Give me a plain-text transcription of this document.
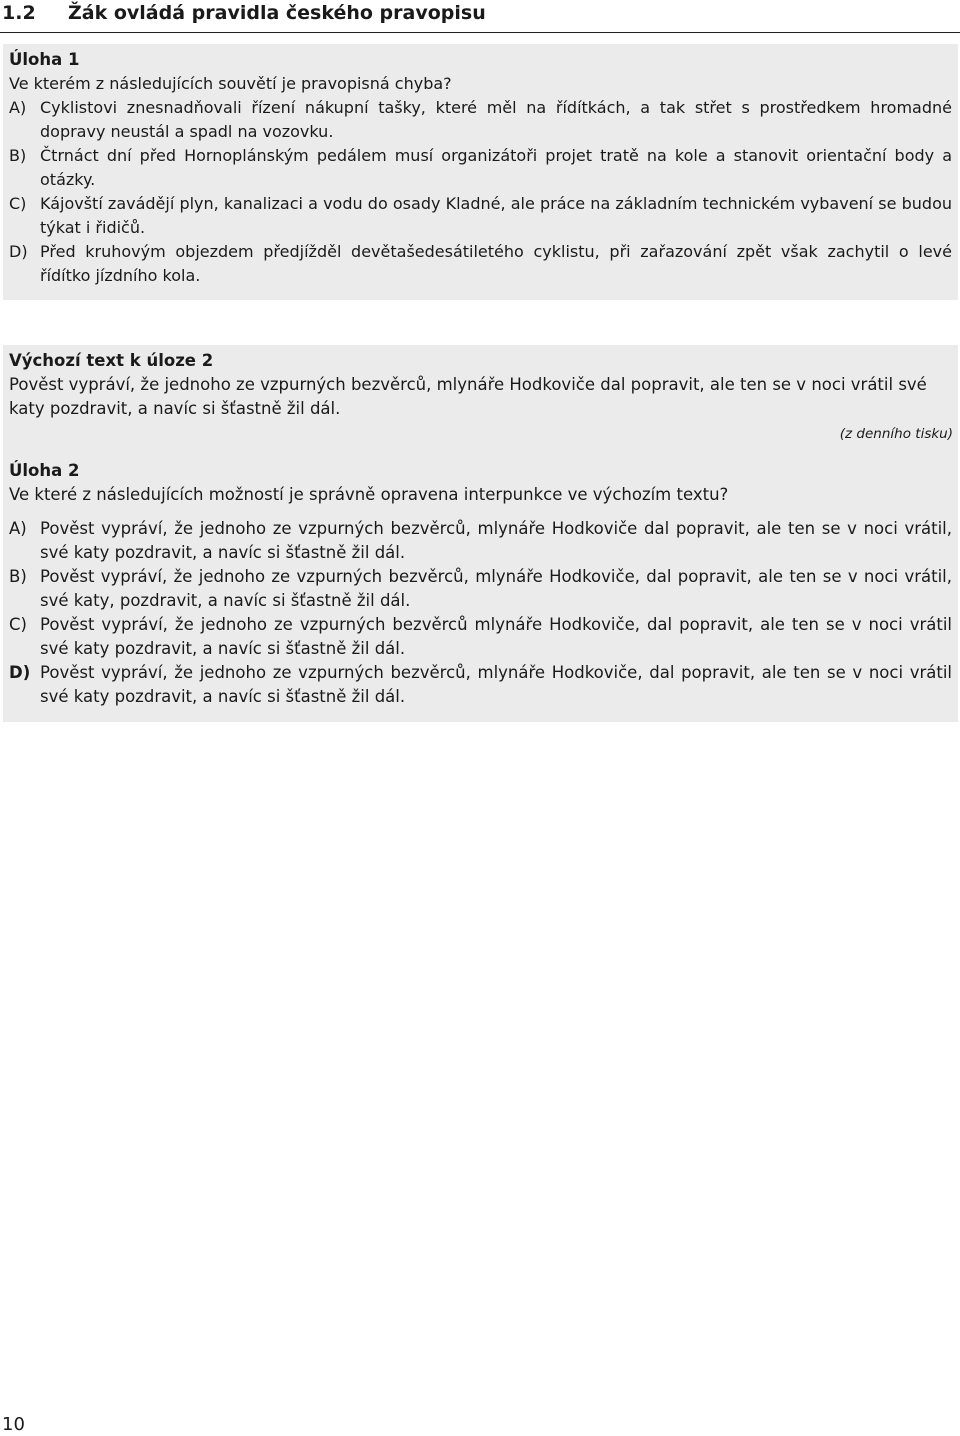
1.2 Žák ovládá pravidla českého pravopisu
Úloha 1
Ve kterém z následujících souvětí je pravopisná chyba?
A) Cyklistovi znesnadňovali řízení nákupní tašky, které měl na řídítkách, a tak střet s prostředkem hromadné dopravy neustál a spadl na vozovku.
B) Čtrnáct dní před Hornoplánským pedálem musí organizátoři projet tratě na kole a stanovit orientační body a otázky.
C) Kájovští zavádějí plyn, kanalizaci a vodu do osady Kladné, ale práce na základním technickém vybavení se budou týkat i řidičů.
D) Před kruhovým objezdem předjížděl devětašedesátiletého cyklistu, při zařazování zpět však zachytil o levé řídítko jízdního kola.
Výchozí text k úloze 2
Pověst vypráví, že jednoho ze vzpurných bezvěrců, mlynáře Hodkoviče dal popravit, ale ten se v noci vrátil své katy pozdravit, a navíc si šťastně žil dál.
(z denního tisku)
Úloha 2
Ve které z následujících možností je správně opravena interpunkce ve výchozím textu?
A) Pověst vypráví, že jednoho ze vzpurných bezvěrců, mlynáře Hodkoviče dal popravit, ale ten se v noci vrátil, své katy pozdravit, a navíc si šťastně žil dál.
B) Pověst vypráví, že jednoho ze vzpurných bezvěrců, mlynáře Hodkoviče, dal popravit, ale ten se v noci vrátil, své katy, pozdravit, a navíc si šťastně žil dál.
C) Pověst vypráví, že jednoho ze vzpurných bezvěrců mlynáře Hodkoviče, dal popravit, ale ten se v noci vrátil své katy pozdravit, a navíc si šťastně žil dál.
D) Pověst vypráví, že jednoho ze vzpurných bezvěrců, mlynáře Hodkoviče, dal popravit, ale ten se v noci vrátil své katy pozdravit, a navíc si šťastně žil dál.
10
